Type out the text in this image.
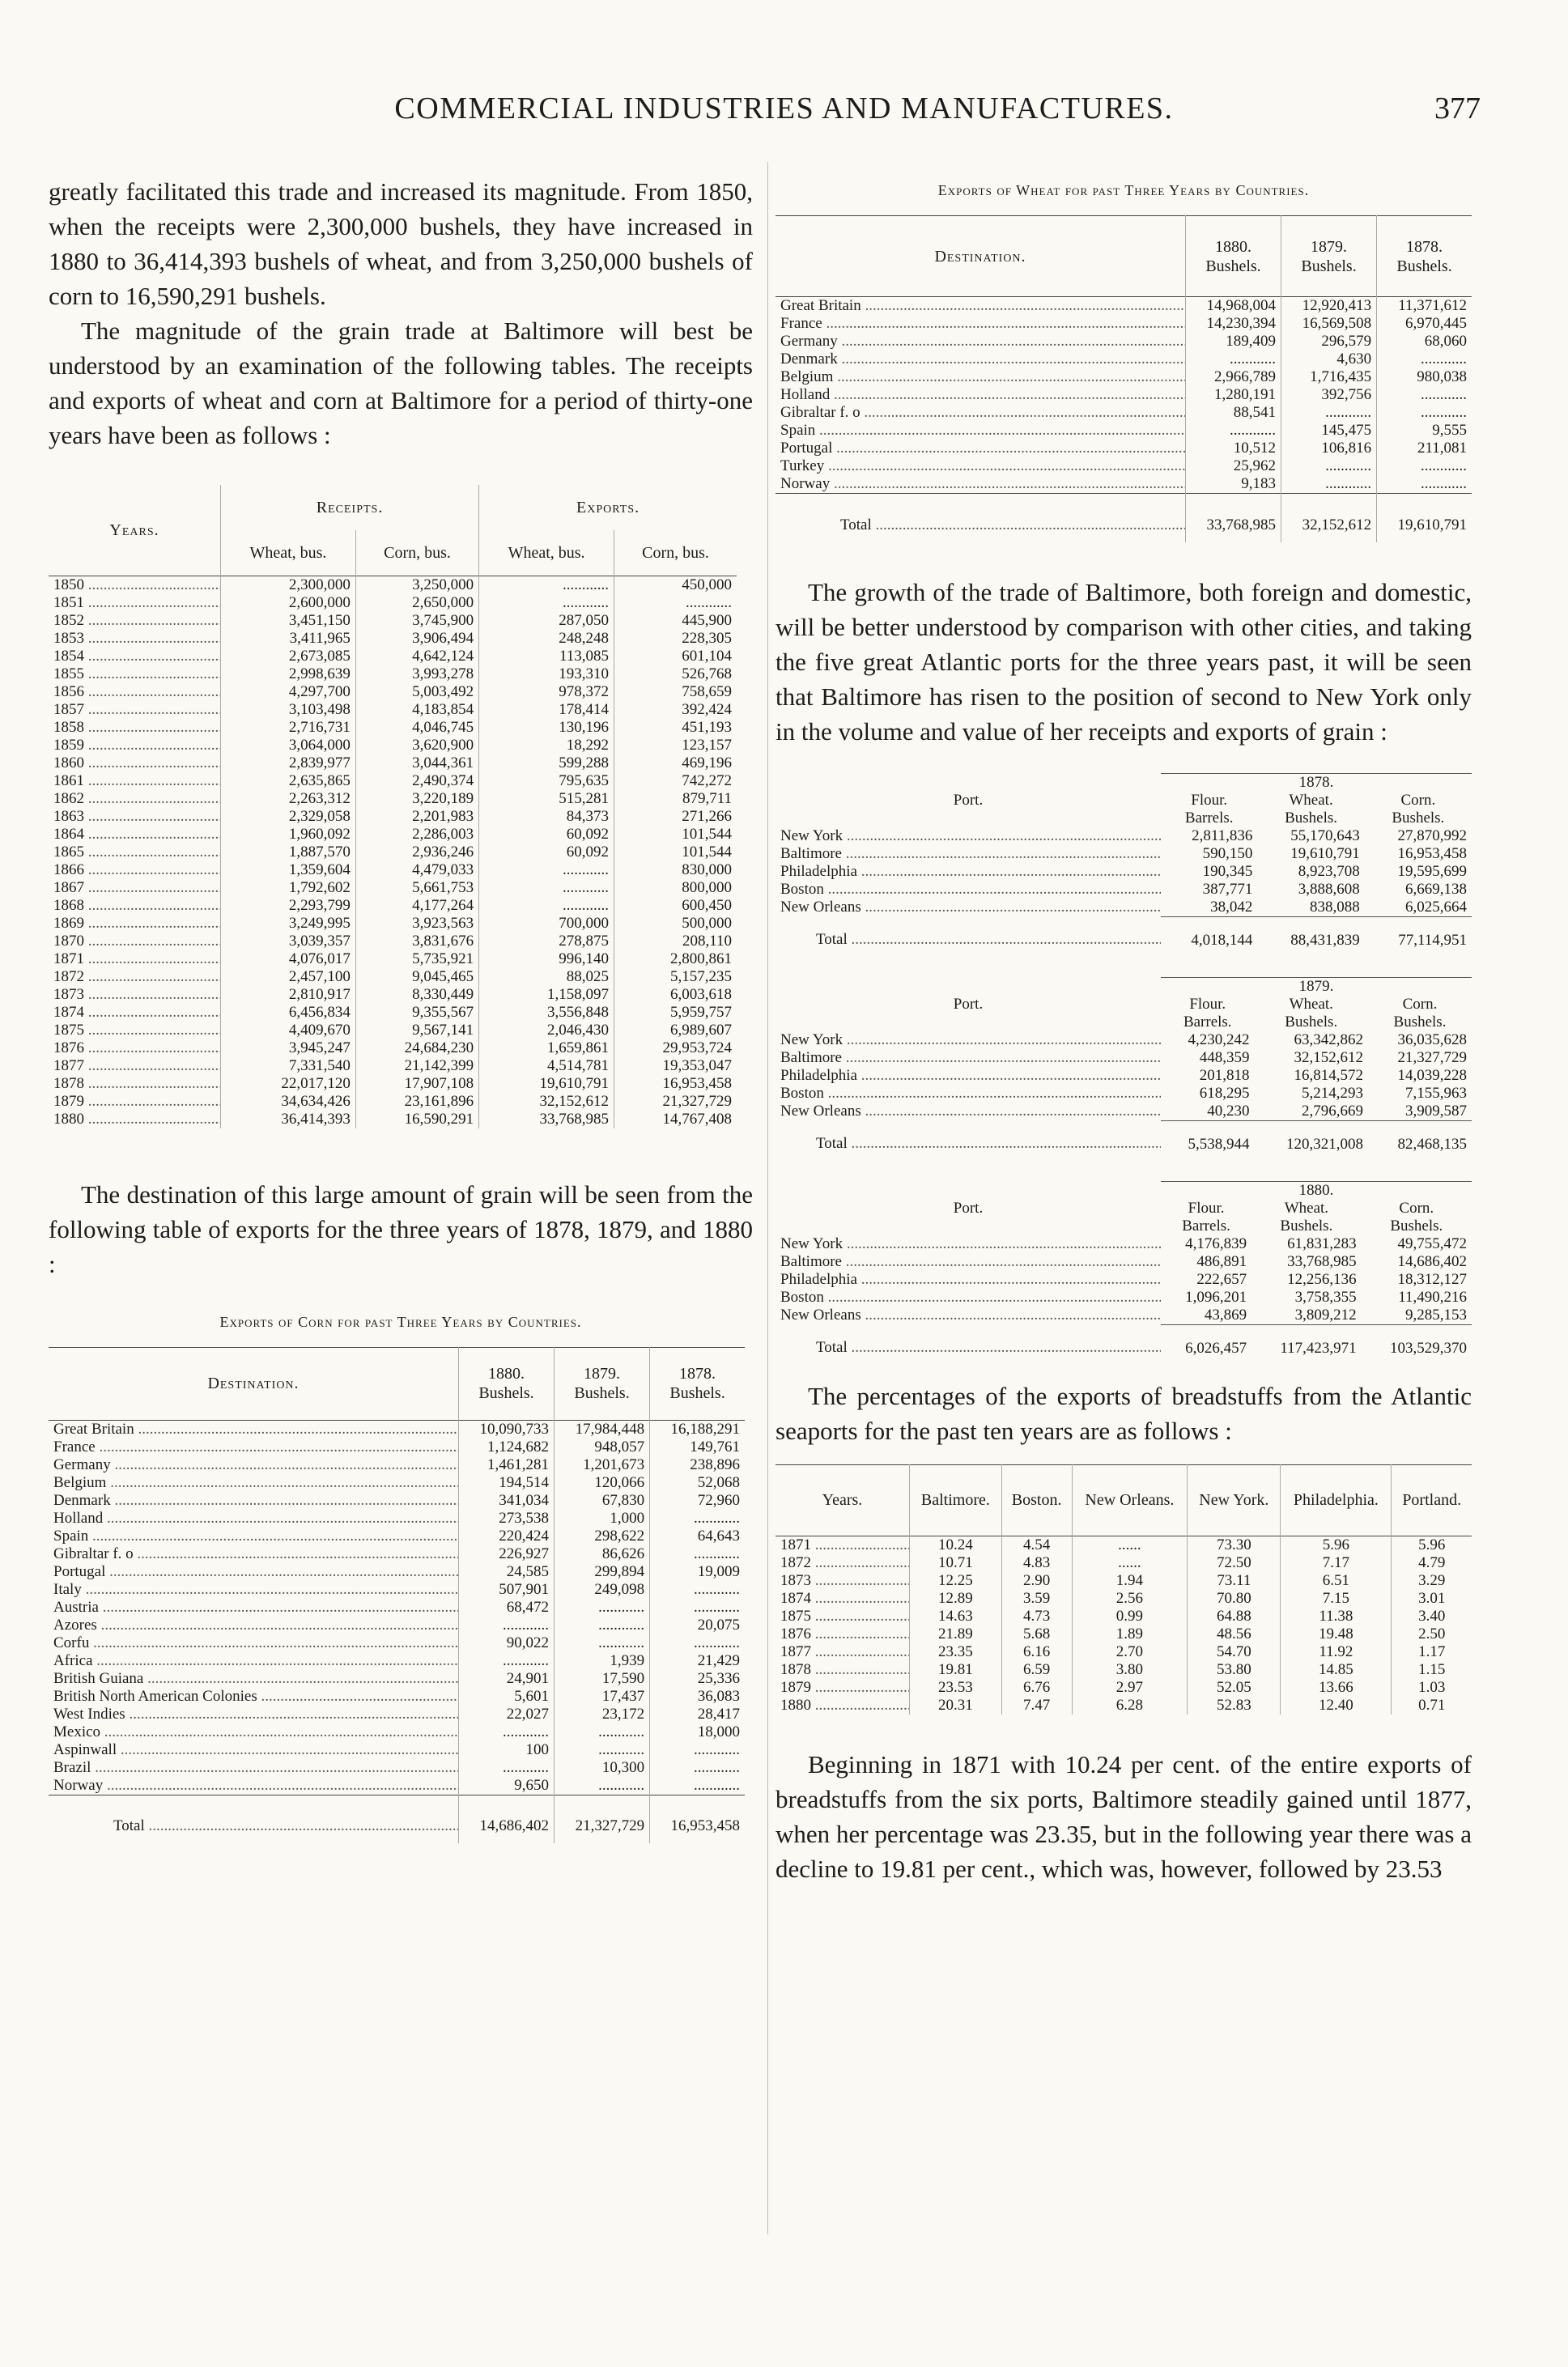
COMMERCIAL INDUSTRIES AND MANUFACTURES.	377

greatly facilitated this trade and increased its magnitude. From 1850, when the receipts were 2,300,000 bushels, they have increased in 1880 to 36,414,393 bushels of wheat, and from 3,250,000 bushels of corn to 16,590,291 bushels.

The magnitude of the grain trade at Baltimore will best be understood by an examination of the following tables. The receipts and exports of wheat and corn at Baltimore for a period of thirty-one years have been as follows :

Years.	Receipts.		Exports.	
	Wheat, bus.	Corn, bus.	Wheat, bus.	Corn, bus.
1850 .....	2,300,000	3,250,000	............	450,000
1851 .....	2,600,000	2,650,000	............	............
1852 .....	3,451,150	3,745,900	287,050	445,900
1853 .....	3,411,965	3,906,494	248,248	228,305
1854 .....	2,673,085	4,642,124	113,085	601,104
1855 .....	2,998,639	3,993,278	193,310	526,768
1856 .....	4,297,700	5,003,492	978,372	758,659
1857 .....	3,103,498	4,183,854	178,414	392,424
1858 .....	2,716,731	4,046,745	130,196	451,193
1859 .....	3,064,000	3,620,900	18,292	123,157
1860 .....	2,839,977	3,044,361	599,288	469,196
1861 .....	2,635,865	2,490,374	795,635	742,272
1862 .....	2,263,312	3,220,189	515,281	879,711
1863 .....	2,329,058	2,201,983	84,373	271,266
1864 .....	1,960,092	2,286,003	60,092	101,544
1865 .....	1,887,570	2,936,246	60,092	101,544
1866 .....	1,359,604	4,479,033	............	830,000
1867 .....	1,792,602	5,661,753	............	800,000
1868 .....	2,293,799	4,177,264	............	600,450
1869 .....	3,249,995	3,923,563	700,000	500,000
1870 .....	3,039,357	3,831,676	278,875	208,110
1871 .....	4,076,017	5,735,921	996,140	2,800,861
1872 .....	2,457,100	9,045,465	88,025	5,157,235
1873 .....	2,810,917	8,330,449	1,158,097	6,003,618
1874 .....	6,456,834	9,355,567	3,556,848	5,959,757
1875 .....	4,409,670	9,567,141	2,046,430	6,989,607
1876 .....	3,945,247	24,684,230	1,659,861	29,953,724
1877 .....	7,331,540	21,142,399	4,514,781	19,353,047
1878 .....	22,017,120	17,907,108	19,610,791	16,953,458
1879 .....	34,634,426	23,161,896	32,152,612	21,327,729
1880 .....	36,414,393	16,590,291	33,768,985	14,767,408

The destination of this large amount of grain will be seen from the following table of exports for the three years of 1878, 1879, and 1880 :

Exports of Corn for past Three Years by Countries.

Destination.	1880.
Bushels.	1879.
Bushels.	1878.
Bushels.
Great Britain .....	10,090,733	17,984,448	16,188,291
France .....	1,124,682	948,057	149,761
Germany .....	1,461,281	1,201,673	238,896
Belgium .....	194,514	120,066	52,068
Denmark .....	341,034	67,830	72,960
Holland .....	273,538	1,000	............
Spain .....	220,424	298,622	64,643
Gibraltar f. o .....	226,927	86,626	............
Portugal .....	24,585	299,894	19,009
Italy .....	507,901	249,098	............
Austria .....	68,472	............	............
Azores .....	............	............	20,075
Corfu .....	90,022	............	............
Africa .....	............	1,939	21,429
British Guiana .....	24,901	17,590	25,336
British North American Colonies .....	5,601	17,437	36,083
West Indies .....	22,027	23,172	28,417
Mexico .....	............	............	18,000
Aspinwall .....	100	............	............
Brazil .....	............	10,300	............
Norway .....	9,650	............	............
Total .....	14,686,402	21,327,729	16,953,458

Exports of Wheat for past Three Years by Countries.

Destination.	1880.
Bushels.	1879.
Bushels.	1878.
Bushels.
Great Britain .....	14,968,004	12,920,413	11,371,612
France .....	14,230,394	16,569,508	6,970,445
Germany .....	189,409	296,579	68,060
Denmark .....	............	4,630	............
Belgium .....	2,966,789	1,716,435	980,038
Holland .....	1,280,191	392,756	............
Gibraltar f. o .....	88,541	............	............
Spain .....	............	145,475	9,555
Portugal .....	10,512	106,816	211,081
Turkey .....	25,962	............	............
Norway .....	9,183	............	............
Total .....	33,768,985	32,152,612	19,610,791

The growth of the trade of Baltimore, both foreign and domestic, will be better understood by comparison with other cities, and taking the five great Atlantic ports for the three years past, it will be seen that Baltimore has risen to the position of second to New York only in the volume and value of her receipts and exports of grain :

	1878.		
Port.	Flour.	Wheat.	Corn.
	Barrels.	Bushels.	Bushels.
New York .....	2,811,836	55,170,643	27,870,992
Baltimore .....	590,150	19,610,791	16,953,458
Philadelphia .....	190,345	8,923,708	19,595,699
Boston .....	387,771	3,888,608	6,669,138
New Orleans .....	38,042	838,088	6,025,664
Total .....	4,018,144	88,431,839	77,114,951
	1879.		
Port.	Flour.	Wheat.	Corn.
	Barrels.	Bushels.	Bushels.
New York .....	4,230,242	63,342,862	36,035,628
Baltimore .....	448,359	32,152,612	21,327,729
Philadelphia .....	201,818	16,814,572	14,039,228
Boston .....	618,295	5,214,293	7,155,963
New Orleans .....	40,230	2,796,669	3,909,587
Total .....	5,538,944	120,321,008	82,468,135
	1880.		
Port.	Flour.	Wheat.	Corn.
	Barrels.	Bushels.	Bushels.
New York .....	4,176,839	61,831,283	49,755,472
Baltimore .....	486,891	33,768,985	14,686,402
Philadelphia .....	222,657	12,256,136	18,312,127
Boston .....	1,096,201	3,758,355	11,490,216
New Orleans .....	43,869	3,809,212	9,285,153
Total .....	6,026,457	117,423,971	103,529,370

The percentages of the exports of breadstuffs from the Atlantic seaports for the past ten years are as follows :

Years.	Baltimore.	Boston.	New Orleans.	New York.	Philadelphia.	Portland.
1871 .....	10.24	4.54	......	73.30	5.96	5.96
1872 .....	10.71	4.83	......	72.50	7.17	4.79
1873 .....	12.25	2.90	1.94	73.11	6.51	3.29
1874 .....	12.89	3.59	2.56	70.80	7.15	3.01
1875 .....	14.63	4.73	0.99	64.88	11.38	3.40
1876 .....	21.89	5.68	1.89	48.56	19.48	2.50
1877 .....	23.35	6.16	2.70	54.70	11.92	1.17
1878 .....	19.81	6.59	3.80	53.80	14.85	1.15
1879 .....	23.53	6.76	2.97	52.05	13.66	1.03
1880 .....	20.31	7.47	6.28	52.83	12.40	0.71

Beginning in 1871 with 10.24 per cent. of the entire exports of breadstuffs from the six ports, Baltimore steadily gained until 1877, when her percentage was 23.35, but in the following year there was a decline to 19.81 per cent., which was, however, followed by 23.53
